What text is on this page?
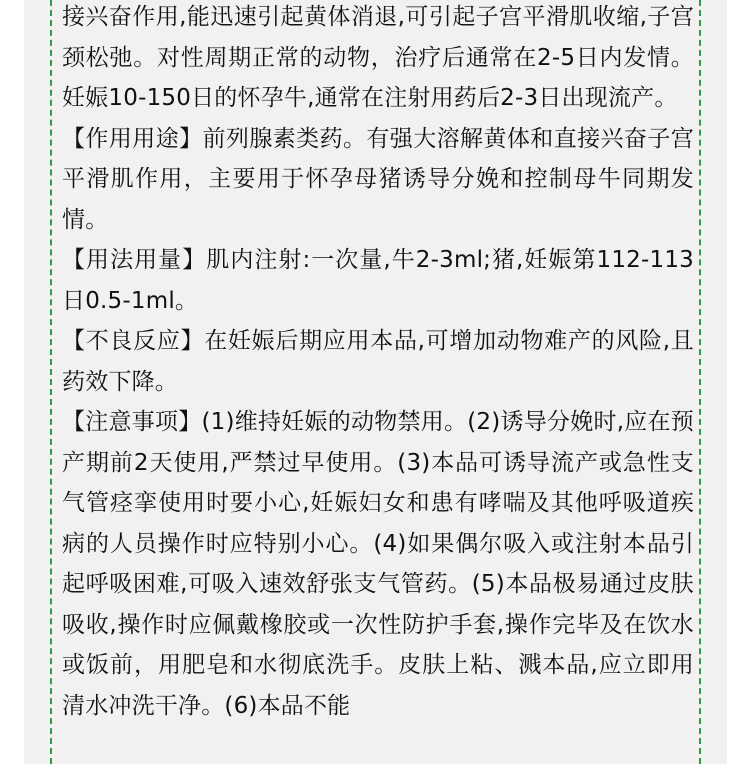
接兴奋作用,能迅速引起黄体消退,可引起子宫平滑肌收缩,子宫颈松弛。对性周期正常的动物，治疗后通常在2-5日内发情。妊娠10-150日的怀孕牛,通常在注射用药后2-3日出现流产。

【作用用途】前列腺素类药。有强大溶解黄体和直接兴奋子宫平滑肌作用，主要用于怀孕母猪诱导分娩和控制母牛同期发情。

【用法用量】肌内注射:一次量,牛2-3ml;猪,妊娠第112-113日0.5-1ml。

【不良反应】在妊娠后期应用本品,可增加动物难产的风险,且药效下降。

【注意事项】(1)维持妊娠的动物禁用。(2)诱导分娩时,应在预产期前2天使用,严禁过早使用。(3)本品可诱导流产或急性支气管痉挛使用时要小心,妊娠妇女和患有哮喘及其他呼吸道疾病的人员操作时应特别小心。(4)如果偶尔吸入或注射本品引起呼吸困难,可吸入速效舒张支气管药。(5)本品极易通过皮肤吸收,操作时应佩戴橡胶或一次性防护手套,操作完毕及在饮水或饭前，用肥皂和水彻底洗手。皮肤上粘、溅本品,应立即用清水冲洗干净。(6)本品不能
